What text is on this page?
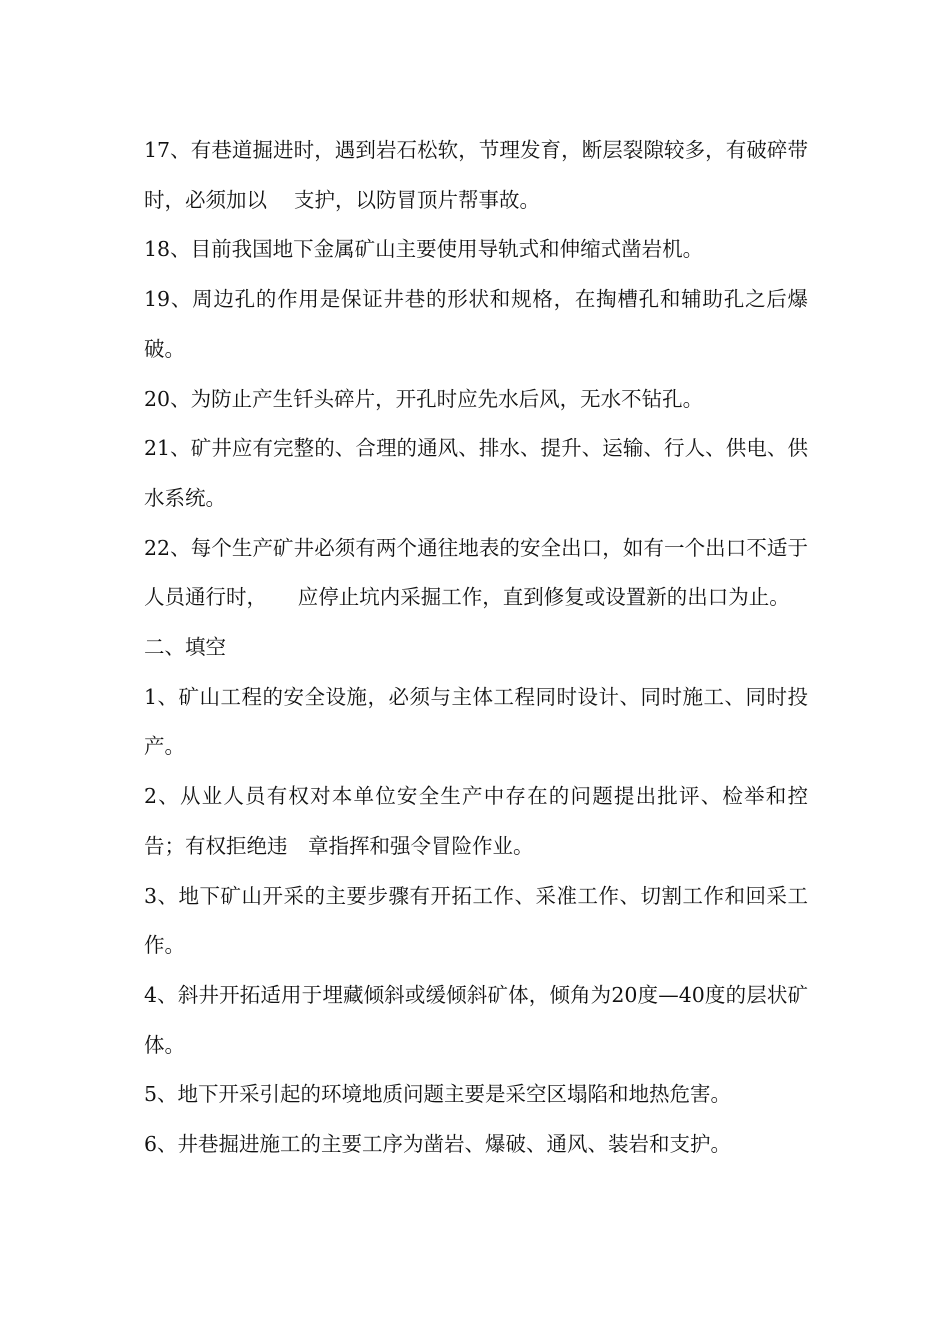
17、有巷道掘进时，遇到岩石松软，节理发育，断层裂隙较多，有破碎带时，必须加以　 支护，以防冒顶片帮事故。

18、目前我国地下金属矿山主要使用导轨式和伸缩式凿岩机。

19、周边孔的作用是保证井巷的形状和规格，在掏槽孔和辅助孔之后爆破。

20、为防止产生钎头碎片，开孔时应先水后风，无水不钻孔。

21、矿井应有完整的、合理的通风、排水、提升、运输、行人、供电、供水系统。

22、每个生产矿井必须有两个通往地表的安全出口，如有一个出口不适于人员通行时，　　应停止坑内采掘工作，直到修复或设置新的出口为止。

二、填空

1、矿山工程的安全设施，必须与主体工程同时设计、同时施工、同时投产。

2、从业人员有权对本单位安全生产中存在的问题提出批评、检举和控告；有权拒绝违　章指挥和强令冒险作业。

3、地下矿山开采的主要步骤有开拓工作、采准工作、切割工作和回采工作。

4、斜井开拓适用于埋藏倾斜或缓倾斜矿体，倾角为20度—40度的层状矿体。

5、地下开采引起的环境地质问题主要是采空区塌陷和地热危害。

6、井巷掘进施工的主要工序为凿岩、爆破、通风、装岩和支护。
